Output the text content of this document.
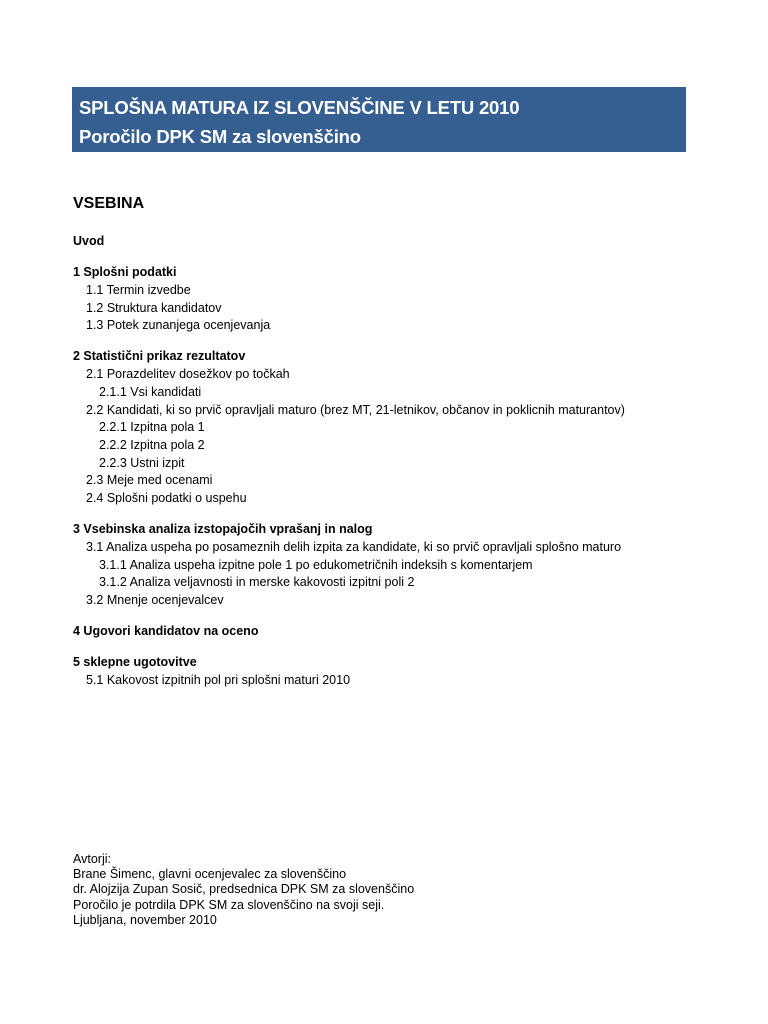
SPLOŠNA MATURA IZ SLOVENŠČINE V LETU 2010
Poročilo DPK SM za slovenščino
VSEBINA
Uvod
1 Splošni podatki
1.1 Termin izvedbe
1.2 Struktura kandidatov
1.3 Potek zunanjega ocenjevanja
2 Statistični prikaz rezultatov
2.1 Porazdelitev dosežkov po točkah
2.1.1 Vsi kandidati
2.2 Kandidati, ki so prvič opravljali maturo (brez MT, 21-letnikov, občanov in poklicnih maturantov)
2.2.1 Izpitna pola 1
2.2.2 Izpitna pola 2
2.2.3 Ustni izpit
2.3 Meje med ocenami
2.4 Splošni podatki o uspehu
3 Vsebinska analiza izstopajočih vprašanj in nalog
3.1 Analiza uspeha po posameznih delih izpita za kandidate, ki so prvič opravljali splošno maturo
3.1.1 Analiza uspeha izpitne pole 1 po edukometričnih indeksih s komentarjem
3.1.2 Analiza veljavnosti in merske kakovosti izpitni poli 2
3.2 Mnenje ocenjevalcev
4 Ugovori kandidatov na oceno
5 sklepne ugotovitve
5.1 Kakovost izpitnih pol pri splošni maturi 2010
Avtorji:
Brane Šimenc, glavni ocenjevalec za slovenščino
dr. Alojzija Zupan Sosič, predsednica DPK SM za slovenščino
Poročilo je potrdila DPK SM za slovenščino na svoji seji.
Ljubljana, november 2010
